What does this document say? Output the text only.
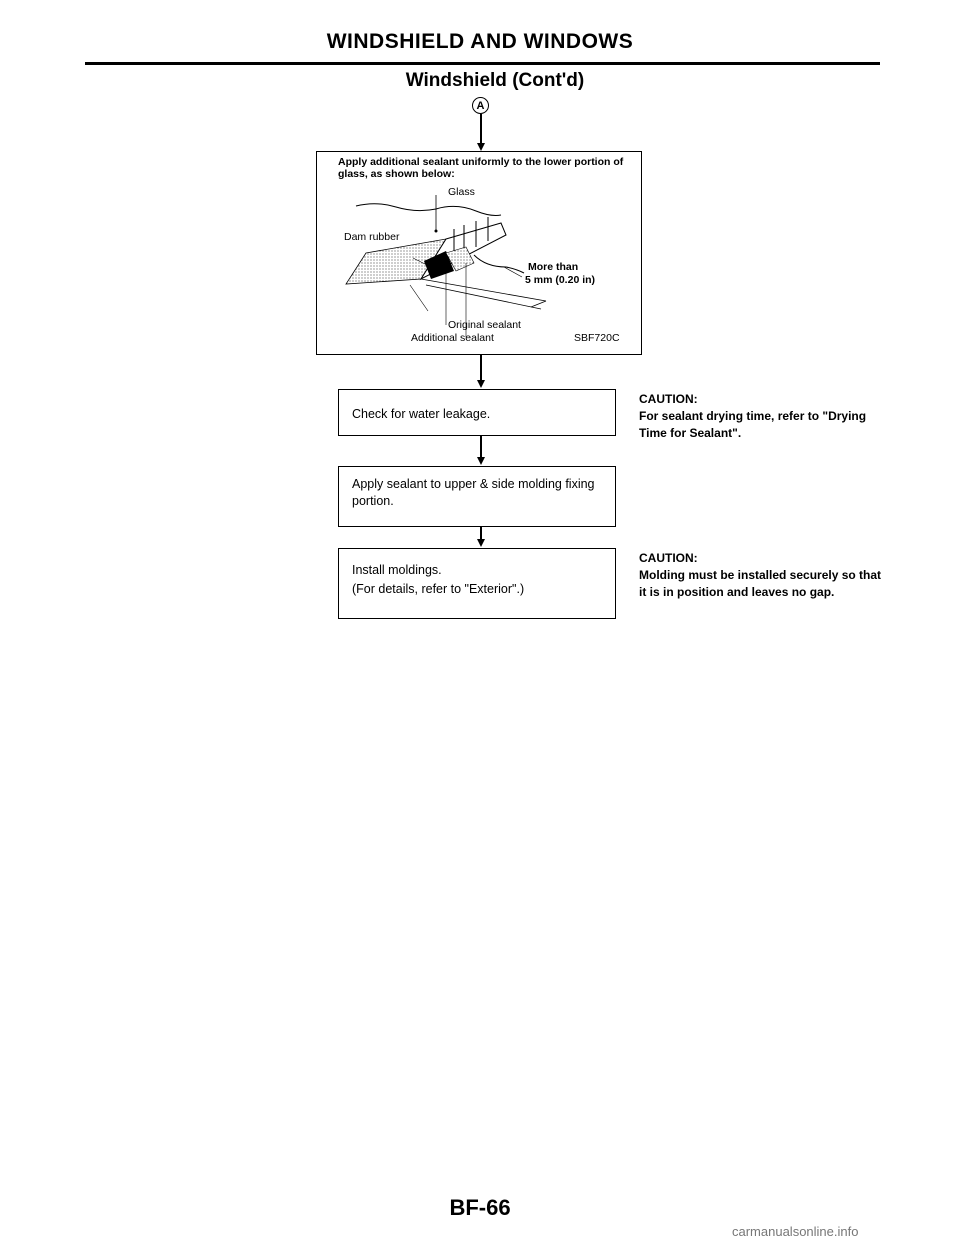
WINDSHIELD AND WINDOWS
Windshield (Cont'd)
A
Apply additional sealant uniformly to the lower portion of glass, as shown below:
Glass
Dam rubber
More than
5 mm (0.20 in)
Original sealant
Additional sealant	SBF720C
Check for water leakage.
Apply sealant to upper & side molding fixing portion.
Install moldings.
(For details, refer to "Exterior".)
CAUTION:
For sealant drying time, refer to "Drying Time for Sealant".
CAUTION:
Molding must be installed securely so that it is in position and leaves no gap.
BF-66
carmanualsonline.info
